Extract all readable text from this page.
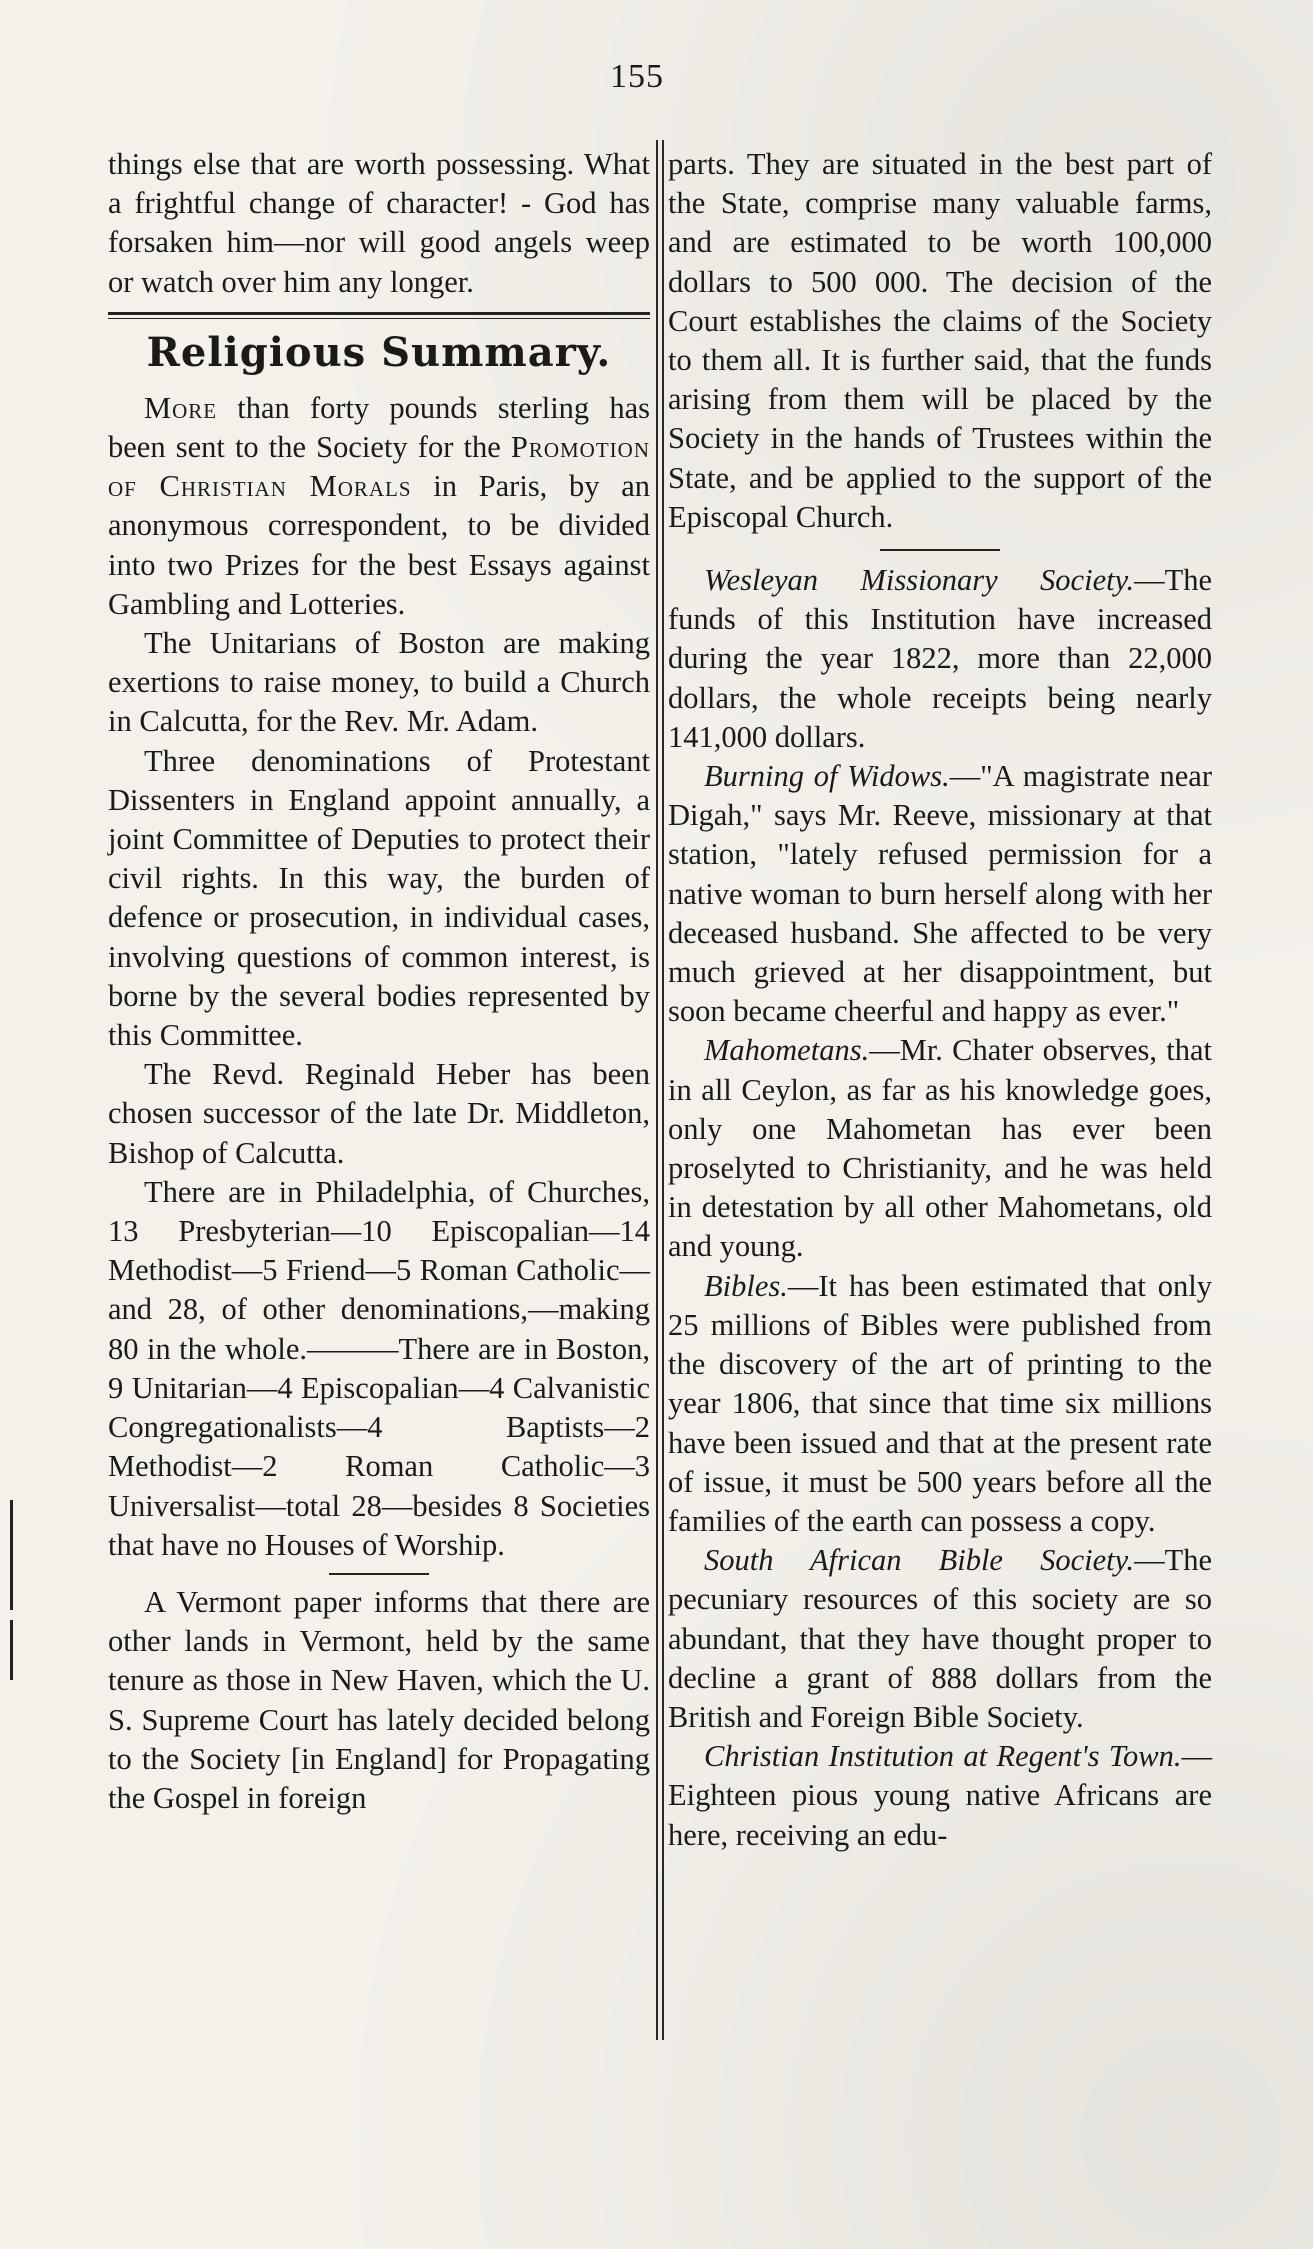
155

things else that are worth possessing. What a frightful change of character! - God has forsaken him—nor will good angels weep or watch over him any longer.

Religious Summary.

More than forty pounds sterling has been sent to the Society for the Promotion of Christian Morals in Paris, by an anonymous correspondent, to be divided into two Prizes for the best Essays against Gambling and Lotteries.

The Unitarians of Boston are making exertions to raise money, to build a Church in Calcutta, for the Rev. Mr. Adam.

Three denominations of Protestant Dissenters in England appoint annually, a joint Committee of Deputies to protect their civil rights. In this way, the burden of defence or prosecution, in individual cases, involving questions of common interest, is borne by the several bodies represented by this Committee.

The Revd. Reginald Heber has been chosen successor of the late Dr. Middleton, Bishop of Calcutta.

There are in Philadelphia, of Churches, 13 Presbyterian—10 Episcopalian—14 Methodist—5 Friend—5 Roman Catholic—and 28, of other denominations,—making 80 in the whole.———There are in Boston, 9 Unitarian—4 Episcopalian—4 Calvanistic Congregationalists—4 Baptists—2 Methodist—2 Roman Catholic—3 Universalist—total 28—besides 8 Societies that have no Houses of Worship.

A Vermont paper informs that there are other lands in Vermont, held by the same tenure as those in New Haven, which the U. S. Supreme Court has lately decided belong to the Society [in England] for Propagating the Gospel in foreign

parts. They are situated in the best part of the State, comprise many valuable farms, and are estimated to be worth 100,000 dollars to 500 000. The decision of the Court establishes the claims of the Society to them all. It is further said, that the funds arising from them will be placed by the Society in the hands of Trustees within the State, and be applied to the support of the Episcopal Church.

Wesleyan Missionary Society.—The funds of this Institution have increased during the year 1822, more than 22,000 dollars, the whole receipts being nearly 141,000 dollars.

Burning of Widows.—"A magistrate near Digah," says Mr. Reeve, missionary at that station, "lately refused permission for a native woman to burn herself along with her deceased husband. She affected to be very much grieved at her disappointment, but soon became cheerful and happy as ever."

Mahometans.—Mr. Chater observes, that in all Ceylon, as far as his knowledge goes, only one Mahometan has ever been proselyted to Christianity, and he was held in detestation by all other Mahometans, old and young.

Bibles.—It has been estimated that only 25 millions of Bibles were published from the discovery of the art of printing to the year 1806, that since that time six millions have been issued and that at the present rate of issue, it must be 500 years before all the families of the earth can possess a copy.

South African Bible Society.—The pecuniary resources of this society are so abundant, that they have thought proper to decline a grant of 888 dollars from the British and Foreign Bible Society.

Christian Institution at Regent's Town.—Eighteen pious young native Africans are here, receiving an edu-
